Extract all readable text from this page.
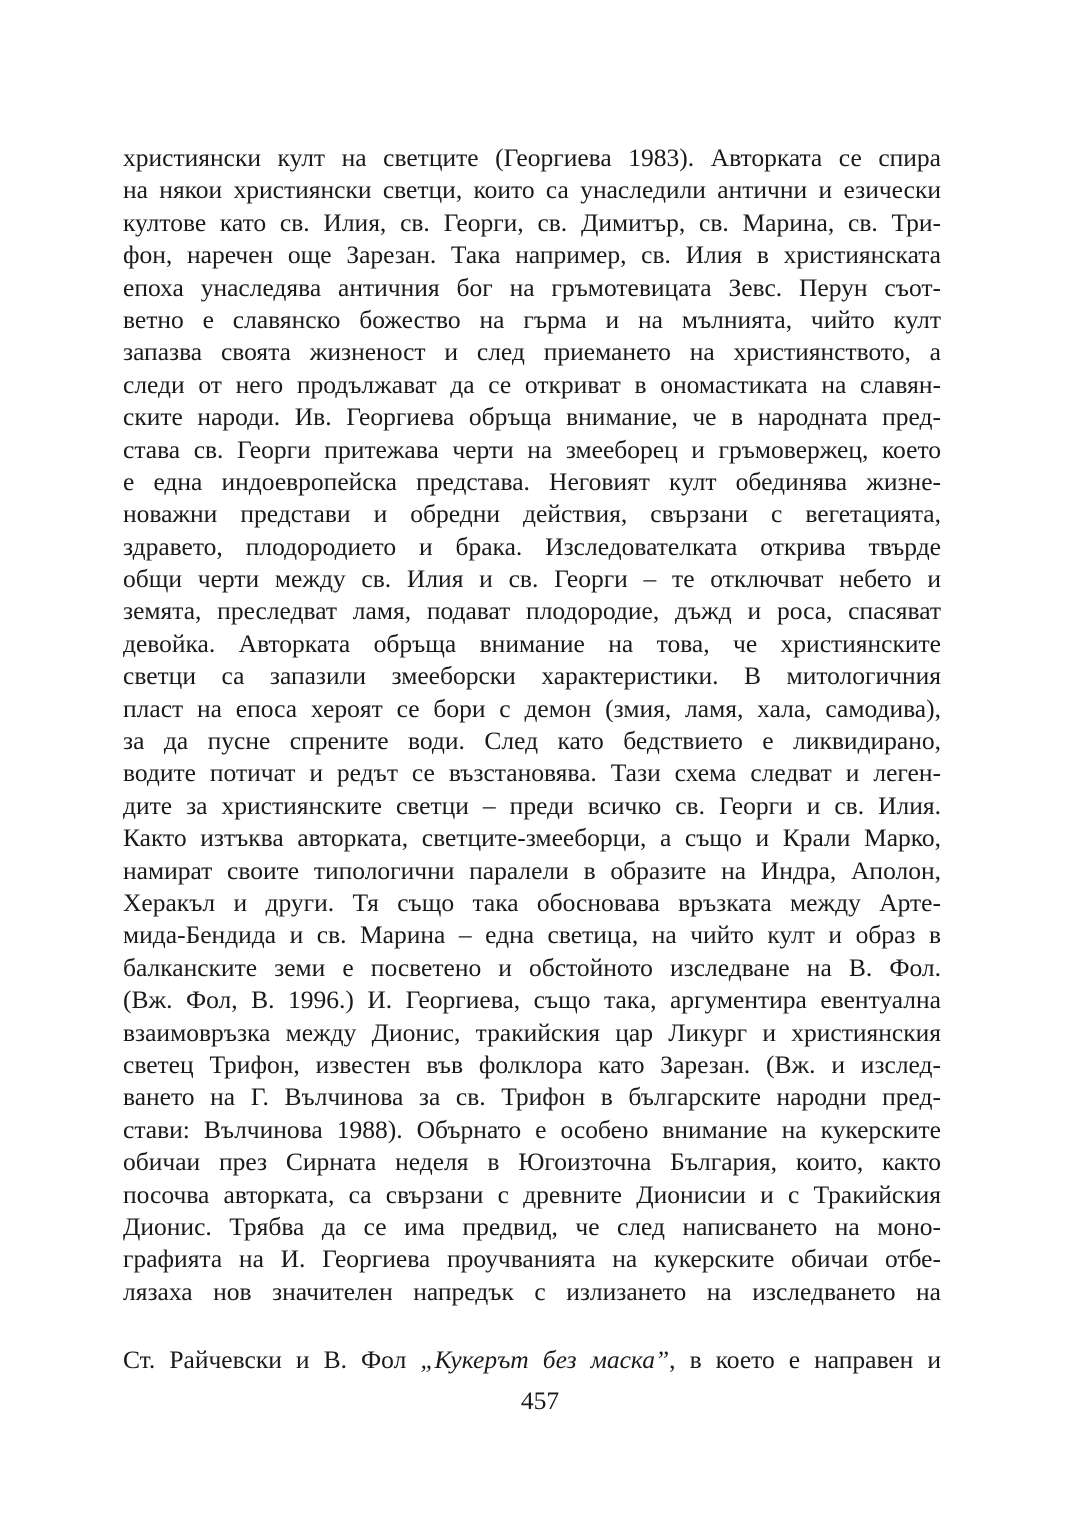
християнски култ на светците (Георгиева 1983). Авторката се спира
на някои християнски светци, които са унаследили антични и езически
култове като св. Илия, св. Георги, св. Димитър, св. Марина, св. Три-
фон, наречен още Зарезан. Така например, св. Илия в християнската
епоха унаследява античния бог на гръмотевицата Зевс. Перун съот-
ветно е славянско божество на гърма и на мълнията, чийто култ
запазва своята жизненост и след приемането на християнството, а
следи от него продължават да се откриват в ономастиката на славян-
ските народи. Ив. Георгиева обръща внимание, че в народната пред-
става св. Георги притежава черти на змееборец и гръмовержец, което
е една индоевропейска представа. Неговият култ обединява жизне-
новажни представи и обредни действия, свързани с вегетацията,
здравето, плодородието и брака. Изследователката открива твърде
общи черти между св. Илия и св. Георги – те отключват небето и
земята, преследват ламя, подават плодородие, дъжд и роса, спасяват
девойка. Авторката обръща внимание на това, че християнските
светци са запазили змееборски характеристики. В митологичния
пласт на епоса херoят се бори с демон (змия, ламя, хала, самодива),
за да пусне спрените води. След като бедствието е ликвидирано,
водите потичат и редът се възстановява. Тази схема следват и леген-
дите за християнските светци – преди всичко св. Георги и св. Илия.
Както изтъква авторката, светците-змееборци, а също и Крали Марко,
намират своите типологични паралели в образите на Индра, Аполон,
Херакъл и други. Тя също така обосновава връзката между Арте-
мида-Бендида и св. Марина – една светица, на чийто култ и образ в
балканските земи е посветено и обстойното изследване на В. Фол.
(Вж. Фол, В. 1996.) И. Георгиева, също така, аргументира евентуална
взаимовръзка между Дионис, тракийския цар Ликург и християнския
светец Трифон, известен във фолклора като Зарезан. (Вж. и изслед-
ването на Г. Вълчинова за св. Трифон в българските народни пред-
стави: Вълчинова 1988). Обърнато е особено внимание на кукерските
обичаи през Сирната неделя в Югоизточна България, които, както
посочва авторката, са свързани с древните Дионисии и с Тракийския
Дионис. Трябва да се има предвид, че след написването на моно-
графията на И. Георгиева проучванията на кукерските обичаи отбе-
лязаха нов значителен напредък с излизането на изследването на
Ст. Райчевски и В. Фол „Кукерът без маска”, в което е направен и
457
